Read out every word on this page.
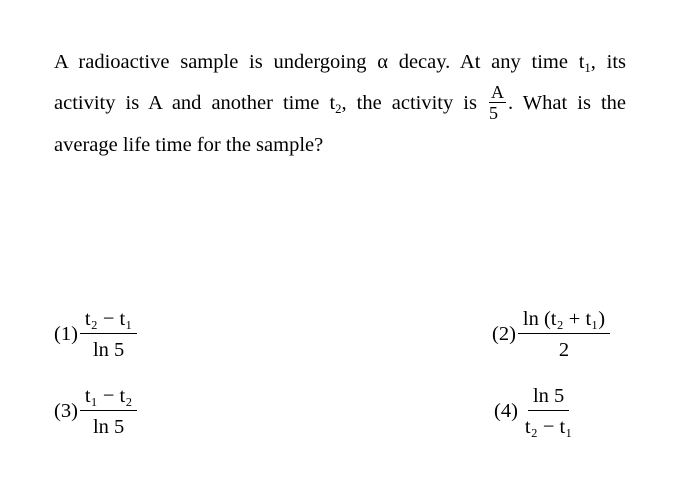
A radioactive sample is undergoing α decay. At any time $t_1$, its
activity is A and another time $t_2$, the activity is $\frac{A}{5}$ . What is the
average life time for the sample?
$(1) \frac{\text{t₂ − t₁}}{\ln 5}$	$(2) \frac{\text{ln (t₂ + t₁)}}{2}$
$(3) \frac{\text{t₁ − t₂}}{\ln 5}$	$(4) \frac{\ln 5}{\text{t₂ − t₁}}$
